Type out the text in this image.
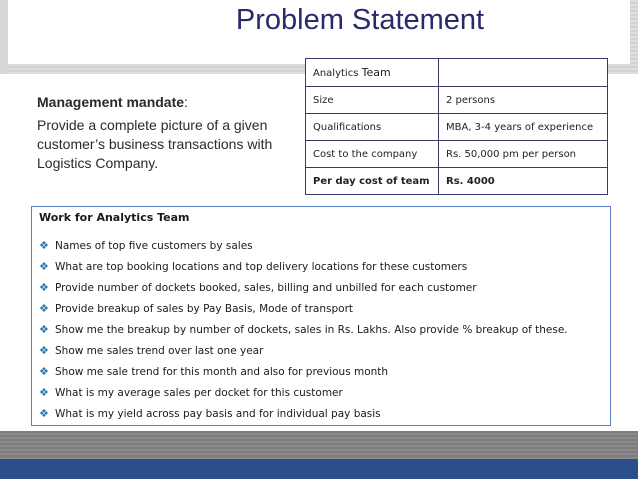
Problem Statement
Management mandate:
Provide a complete picture of a given customer’s business transactions with Logistics Company.
Analytics Team	
Size	2 persons
Qualifications	MBA, 3-4 years of experience
Cost to the company	Rs. 50,000 pm per person
Per day cost of team	Rs. 4000
Work for Analytics Team
❖ Names of top five customers by sales
❖ What are top booking locations and top delivery locations for these customers
❖ Provide number of dockets booked, sales, billing and unbilled for each customer
❖ Provide breakup of sales by Pay Basis, Mode of transport
❖ Show me the breakup by number of dockets, sales in Rs. Lakhs. Also provide % breakup of these.
❖ Show me sales trend over last one year
❖ Show me sale trend for this month and also for previous month
❖ What is my average sales per docket for this customer
❖ What is my yield across pay basis and for individual pay basis
